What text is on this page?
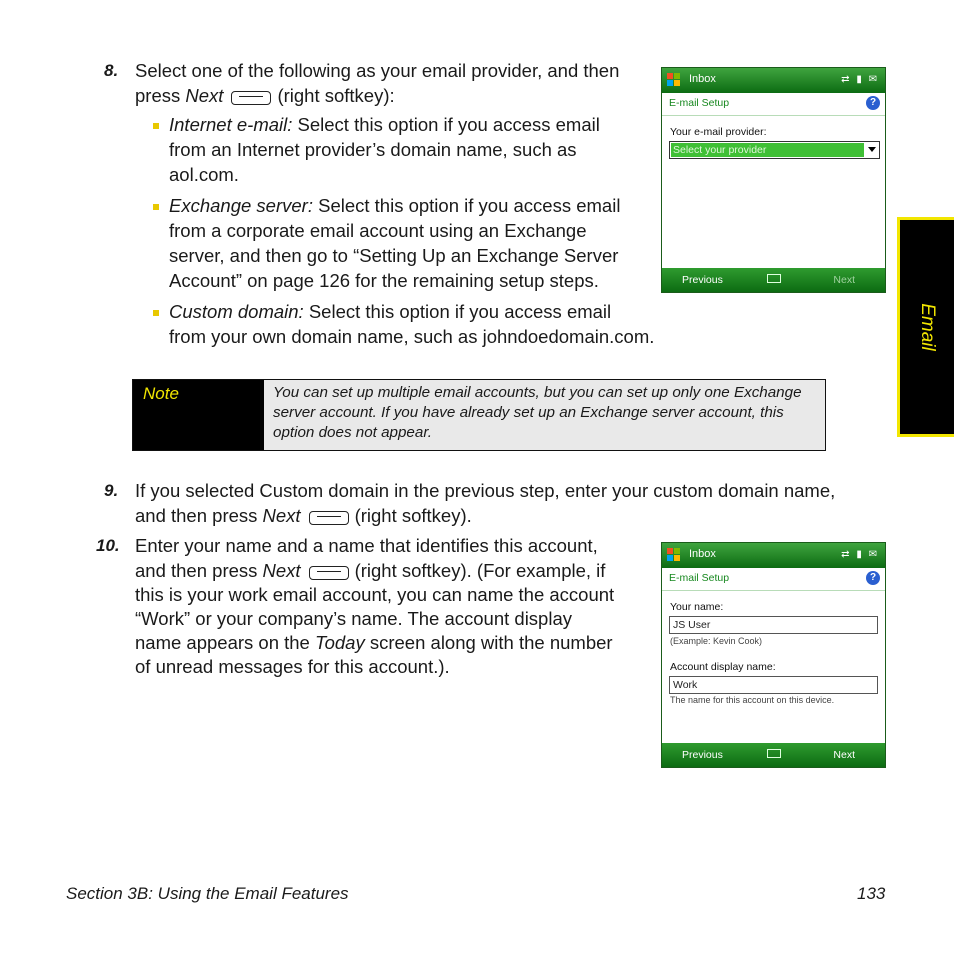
8. Select one of the following as your email provider, and then
press Next	(right softkey):
Internet e-mail: Select this option if you access email
from an Internet provider’s domain name, such as
aol.com.
Exchange server: Select this option if you access email
from a corporate email account using an Exchange
server, and then go to “Setting Up an Exchange Server
Account” on page 126 for the remaining setup steps.
Custom domain: Select this option if you access email
from your own domain name, such as johndoedomain.com.
Inbox	⇄ ▮ ✉
E-mail Setup	?
Your e-mail provider:
Select your provider
Previous	Next
Note	You can set up multiple email accounts, but you can set up only one Exchange server account. If you have already set up an Exchange server account, this option does not appear.
9. If you selected Custom domain in the previous step, enter your custom domain name,
and then press Next	(right softkey).
10. Enter your name and a name that identifies this account,
and then press Next	(right softkey). (For example, if
this is your work email account, you can name the account
“Work” or your company’s name. The account display
name appears on the Today screen along with the number
of unread messages for this account.).
Inbox	⇄ ▮ ✉
E-mail Setup	?
Your name:
JS User
(Example: Kevin Cook)
Account display name:
Work
The name for this account on this device.
Previous	Next
Email
Section 3B: Using the Email Features	133
